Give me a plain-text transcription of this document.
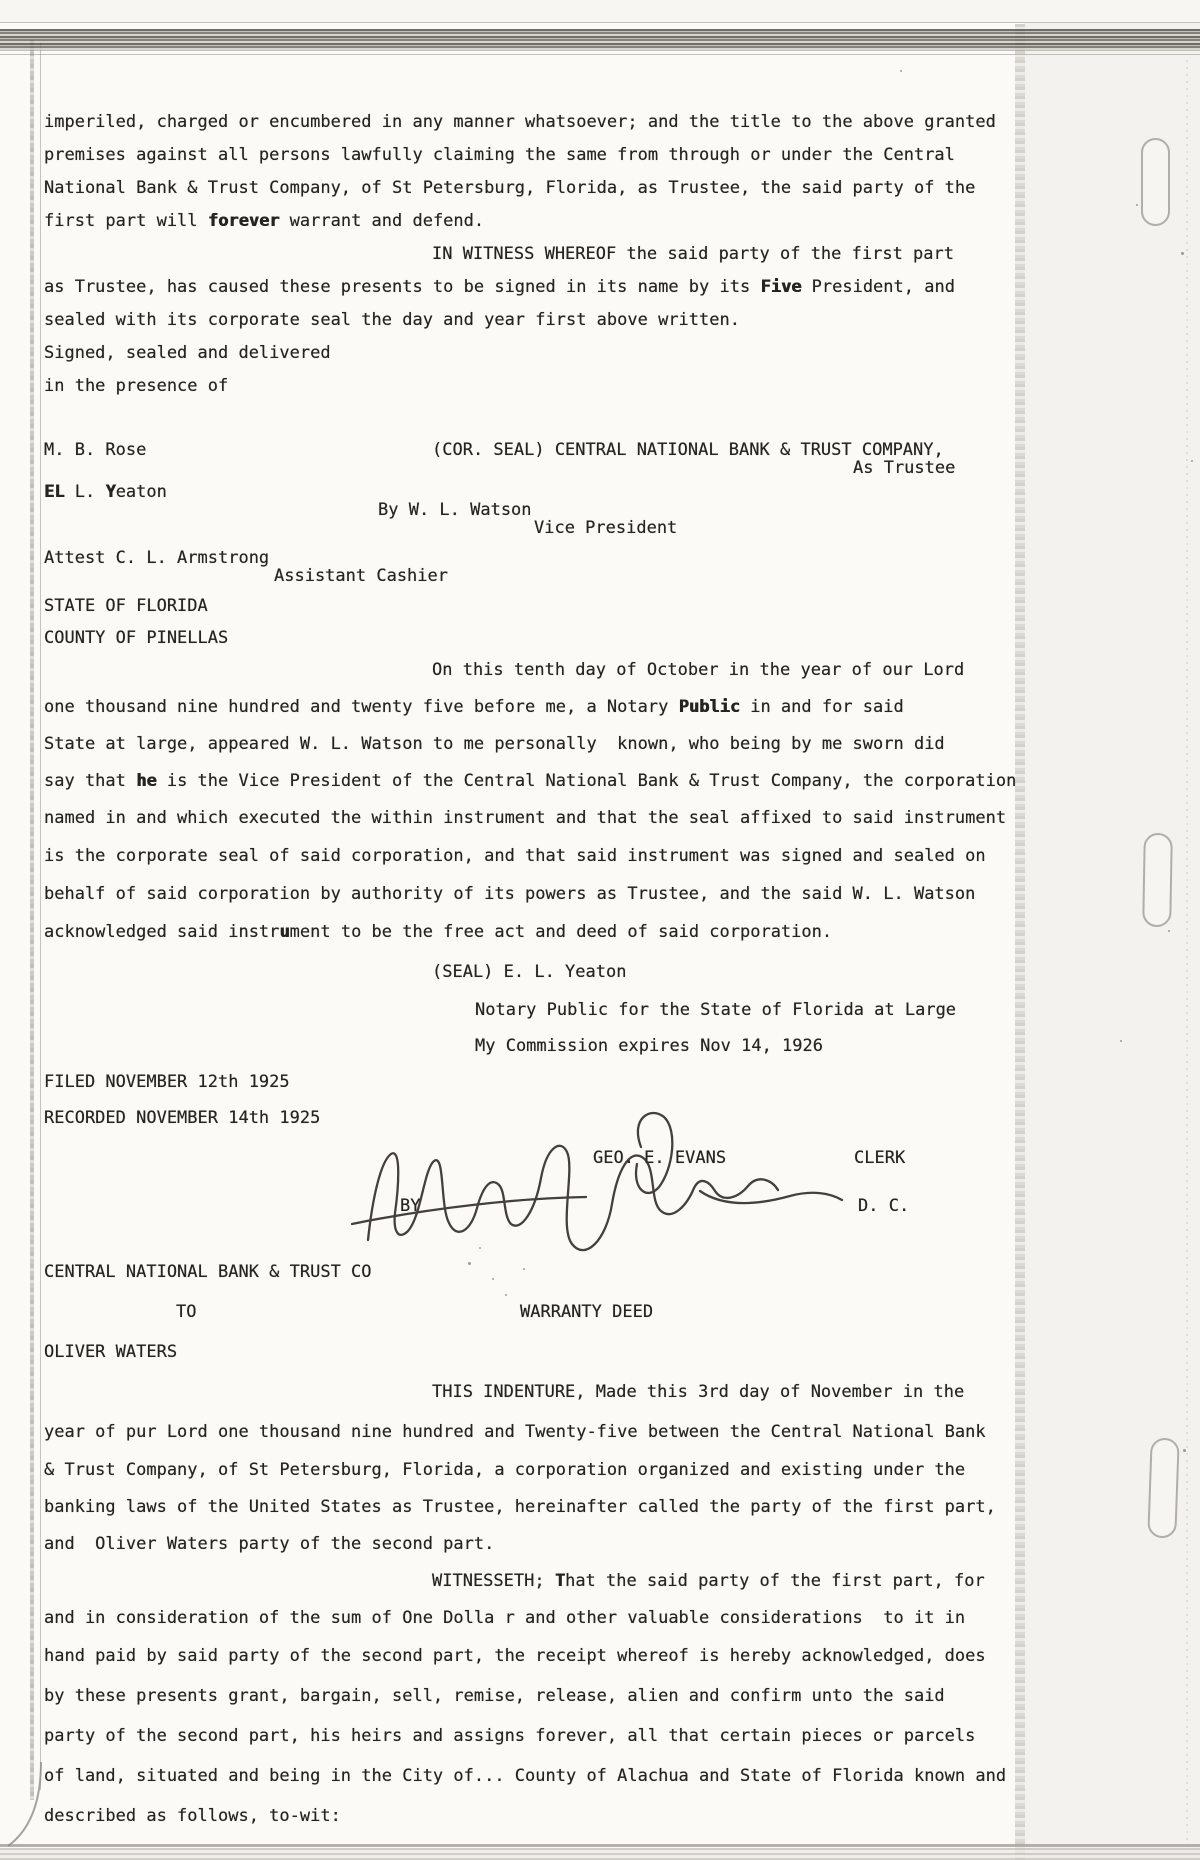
imperiled, charged or encumbered in any manner whatsoever; and the title to the above granted
premises against all persons lawfully claiming the same from through or under the Central
National Bank & Trust Company, of St Petersburg, Florida, as Trustee, the said party of the
first part will forever warrant and defend.
IN WITNESS WHEREOF the said party of the first part
as Trustee, has caused these presents to be signed in its name by its Five President, and
sealed with its corporate seal the day and year first above written.
Signed, sealed and delivered
in the presence of
M. B. Rose	(COR. SEAL) CENTRAL NATIONAL BANK & TRUST COMPANY,
As Trustee
EL L. Yeaton
By W. L. Watson
Vice President
Attest C. L. Armstrong
Assistant Cashier
STATE OF FLORIDA
COUNTY OF PINELLAS
On this tenth day of October in the year of our Lord
one thousand nine hundred and twenty five before me, a Notary Public in and for said
State at large, appeared W. L. Watson to me personally  known, who being by me sworn did
say that he is the Vice President of the Central National Bank & Trust Company, the corporation
named in and which executed the within instrument and that the seal affixed to said instrument
is the corporate seal of said corporation, and that said instrument was signed and sealed on
behalf of said corporation by authority of its powers as Trustee, and the said W. L. Watson
acknowledged said instrument to be the free act and deed of said corporation.
(SEAL) E. L. Yeaton
Notary Public for the State of Florida at Large
My Commission expires Nov 14, 1926
FILED NOVEMBER 12th 1925
RECORDED NOVEMBER 14th 1925
GEO. E. EVANS	CLERK
BY	D. C.
CENTRAL NATIONAL BANK & TRUST CO
TO	WARRANTY DEED
OLIVER WATERS
THIS INDENTURE, Made this 3rd day of November in the
year of pur Lord one thousand nine hundred and Twenty-five between the Central National Bank
& Trust Company, of St Petersburg, Florida, a corporation organized and existing under the
banking laws of the United States as Trustee, hereinafter called the party of the first part,
and  Oliver Waters party of the second part.
WITNESSETH; That the said party of the first part, for
and in consideration of the sum of One Dolla r and other valuable considerations  to it in
hand paid by said party of the second part, the receipt whereof is hereby acknowledged, does
by these presents grant, bargain, sell, remise, release, alien and confirm unto the said
party of the second part, his heirs and assigns forever, all that certain pieces or parcels
of land, situated and being in the City of... County of Alachua and State of Florida known and
described as follows, to-wit:
